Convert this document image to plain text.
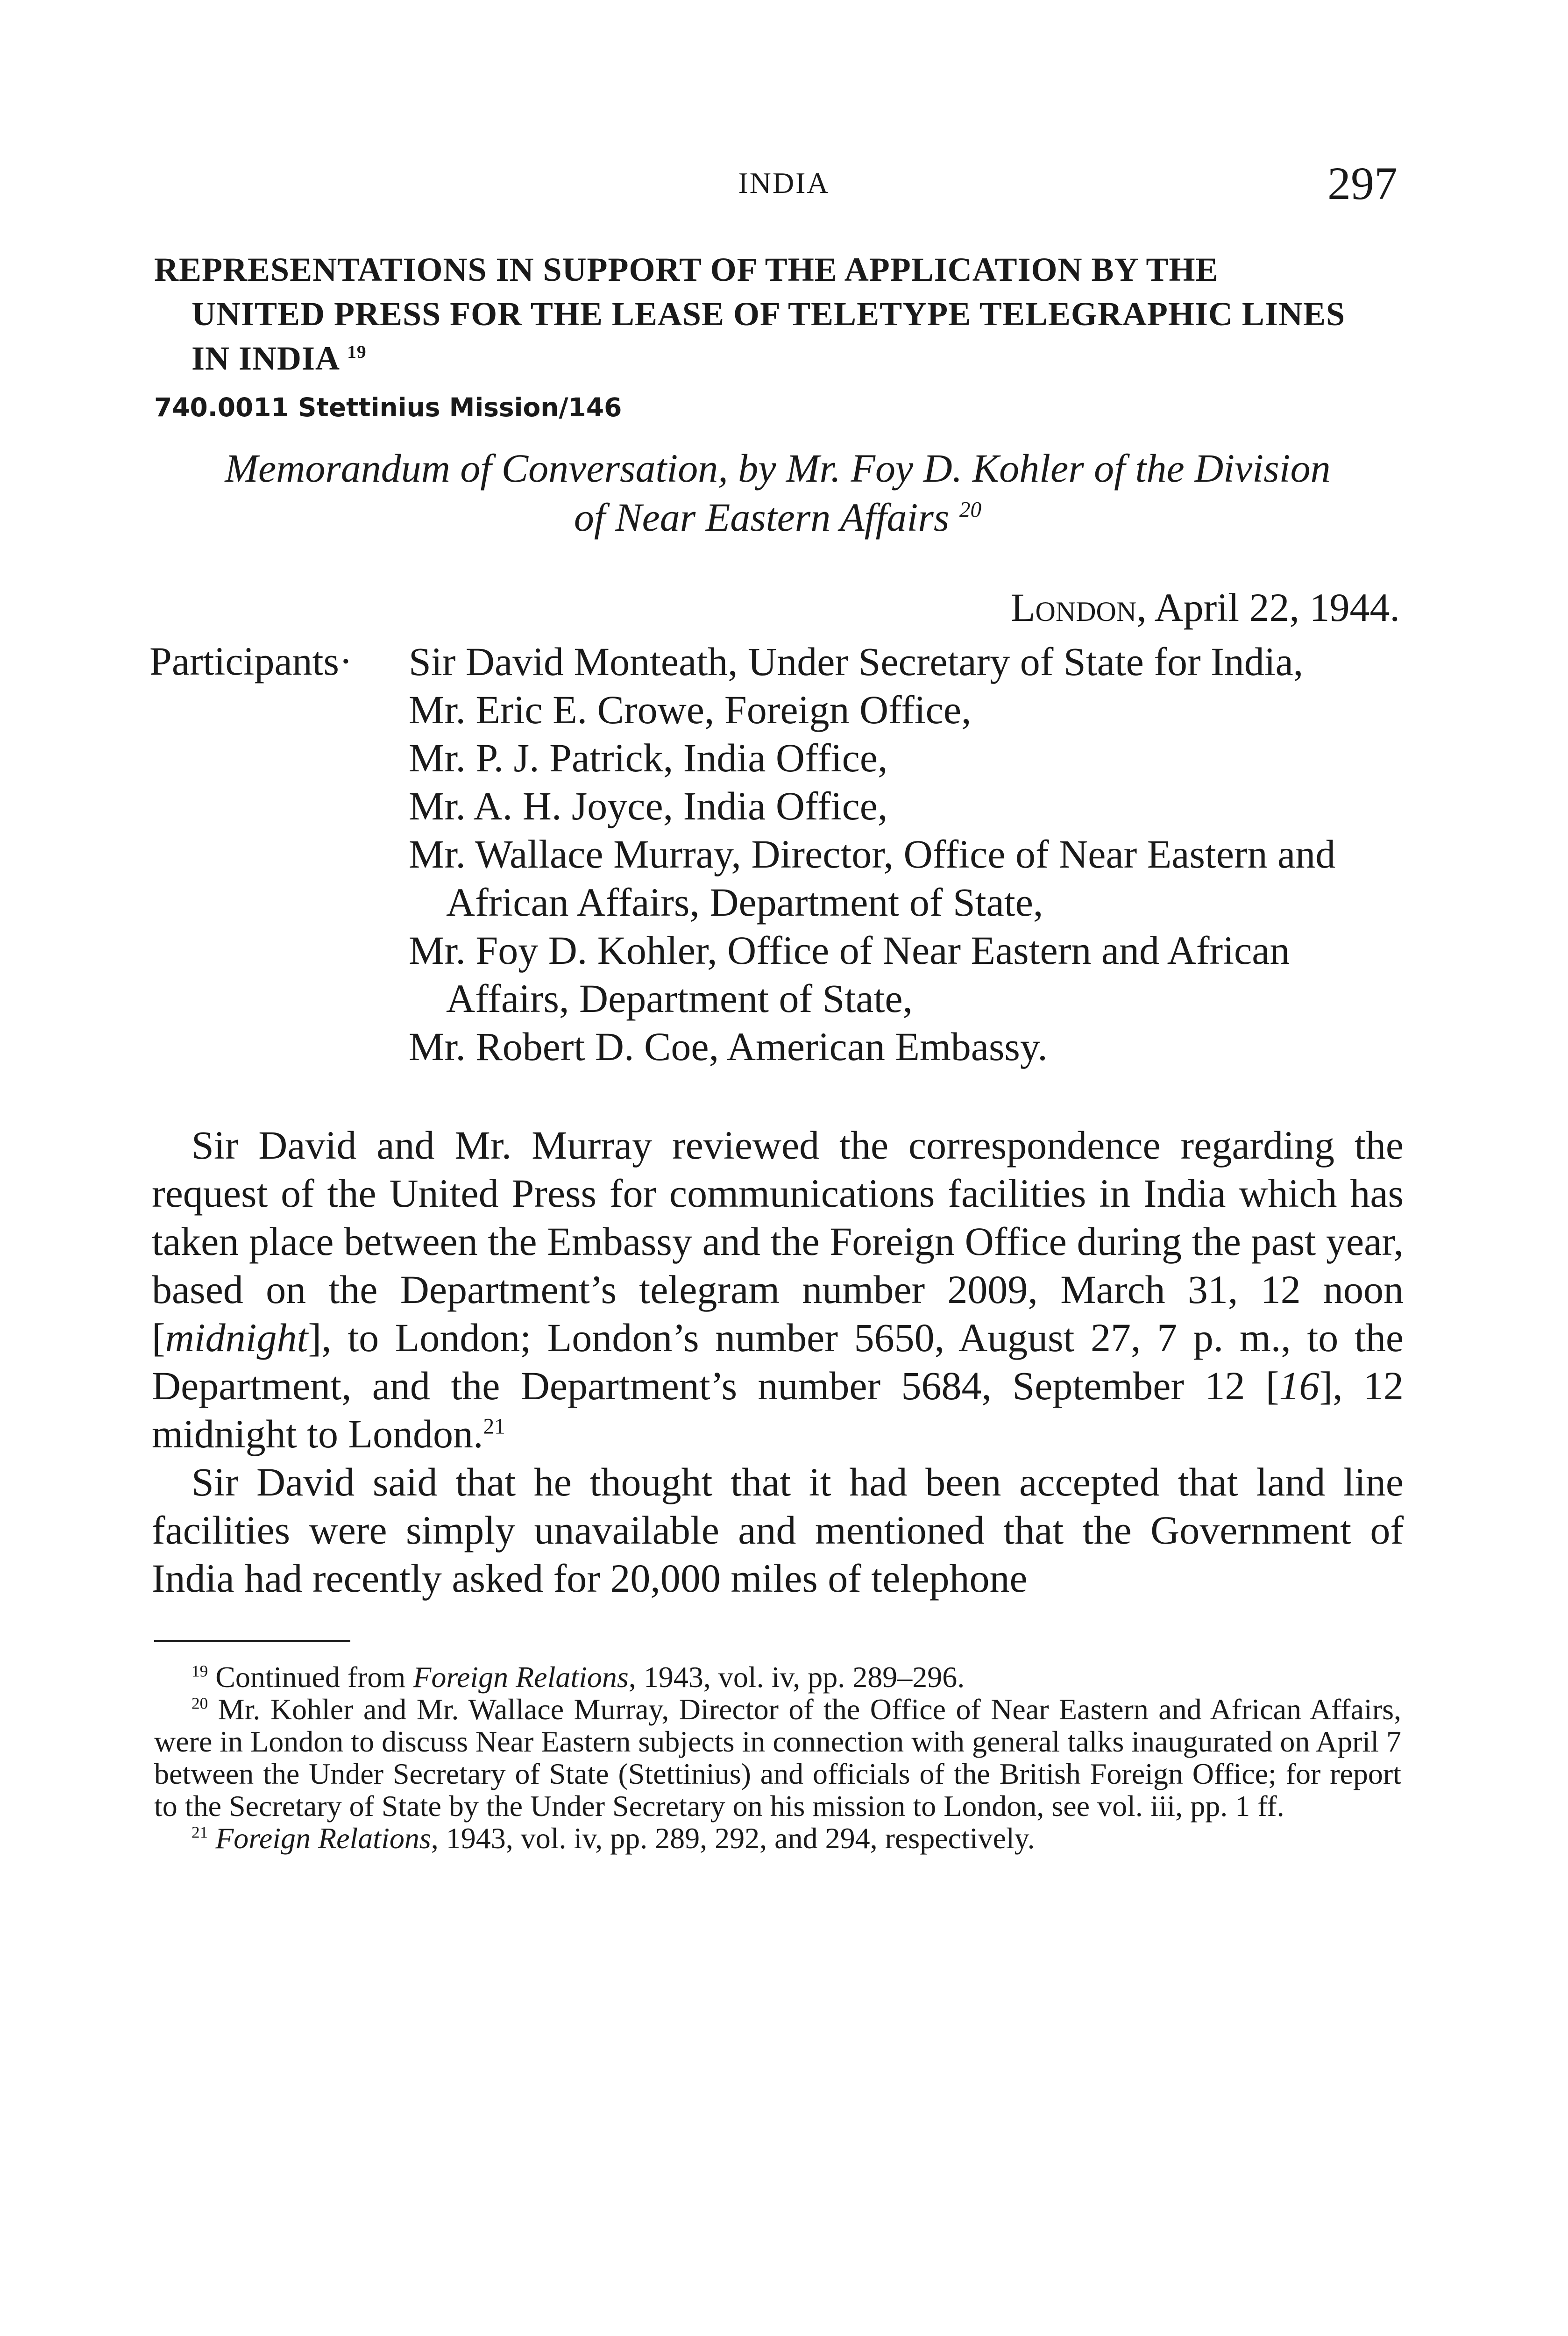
INDIA	297
REPRESENTATIONS IN SUPPORT OF THE APPLICATION BY THE
UNITED PRESS FOR THE LEASE OF TELETYPE TELEGRAPHIC LINES
IN INDIA $^{19}$
740.0011 Stettinius Mission/146
Memorandum of Conversation, by Mr. Foy D. Kohler of the Division
of Near Eastern Affairs $^{20}$
London, April 22, 1944.
Participants· Sir David Monteath, Under Secretary of State for India,
Mr. Eric E. Crowe, Foreign Office,
Mr. P. J. Patrick, India Office,
Mr. A. H. Joyce, India Office,
Mr. Wallace Murray, Director, Office of Near Eastern and African Affairs, Department of State,
Mr. Foy D. Kohler, Office of Near Eastern and African Affairs, Department of State,
Mr. Robert D. Coe, American Embassy.

Sir David and Mr. Murray reviewed the correspondence regarding the request of the United Press for communications facilities in India which has taken place between the Embassy and the Foreign Office during the past year, based on the Department’s telegram number 2009, March 31, 12 noon [midnight], to London; London’s number 5650, August 27, 7 p. m., to the Department, and the Department’s number 5684, September 12 [16], 12 midnight to London.$^{21}$

Sir David said that he thought that it had been accepted that land line facilities were simply unavailable and mentioned that the Government of India had recently asked for 20,000 miles of telephone

$^{19}$ Continued from Foreign Relations, 1943, vol. iv, pp. 289–296.

$^{20}$ Mr. Kohler and Mr. Wallace Murray, Director of the Office of Near Eastern and African Affairs, were in London to discuss Near Eastern subjects in connection with general talks inaugurated on April 7 between the Under Secretary of State (Stettinius) and officials of the British Foreign Office; for report to the Secretary of State by the Under Secretary on his mission to London, see vol. iii, pp. 1 ff.

$^{21}$ Foreign Relations, 1943, vol. iv, pp. 289, 292, and 294, respectively.
